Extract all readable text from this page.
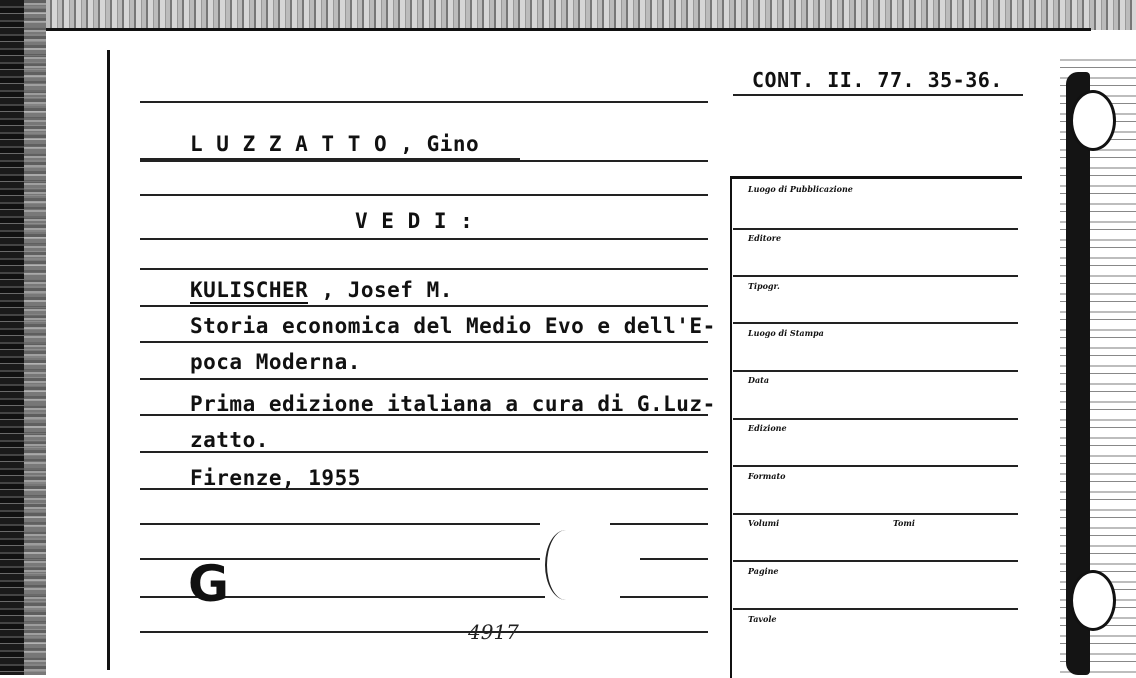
CONT. II. 77. 35-36.
L U Z Z A T T O , Gino
V E D I :
KULISCHER , Josef M.
Storia economica del Medio Evo e dell'E-
poca Moderna.
Prima edizione italiana a cura di G.Luz-
zatto.
Firenze, 1955
G
4917
Luogo di Pubblicazione
Editore
Tipogr.
Luogo di Stampa
Data
Edizione
Formato
Volumi	Tomi
Pagine
Tavole
